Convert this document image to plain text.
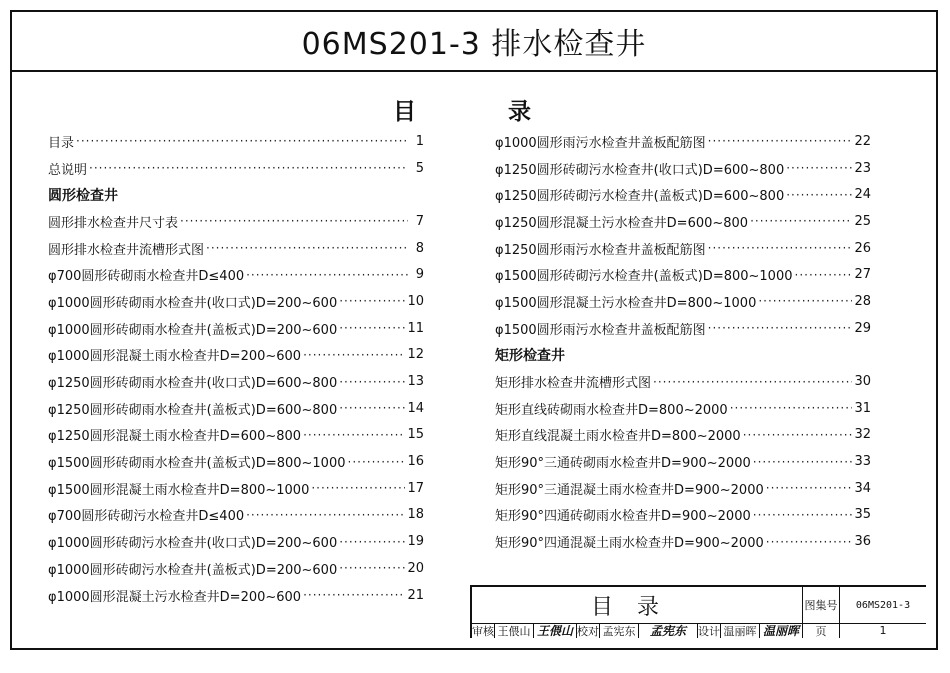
06MS201-3 排水检查井
目	录
目录 ·····	1
总说明 ·····	5
圆形检查井
圆形排水检查井尺寸表 ·····	7
圆形排水检查井流槽形式图 ·····	8
φ700圆形砖砌雨水检查井D≤400 ·····	9
φ1000圆形砖砌雨水检查井(收口式)D=200~600 ·····	10
φ1000圆形砖砌雨水检查井(盖板式)D=200~600 ·····	11
φ1000圆形混凝土雨水检查井D=200~600 ·····	12
φ1250圆形砖砌雨水检查井(收口式)D=600~800 ·····	13
φ1250圆形砖砌雨水检查井(盖板式)D=600~800 ·····	14
φ1250圆形混凝土雨水检查井D=600~800 ·····	15
φ1500圆形砖砌雨水检查井(盖板式)D=800~1000 ·····	16
φ1500圆形混凝土雨水检查井D=800~1000 ·····	17
φ700圆形砖砌污水检查井D≤400 ·····	18
φ1000圆形砖砌污水检查井(收口式)D=200~600 ·····	19
φ1000圆形砖砌污水检查井(盖板式)D=200~600 ·····	20
φ1000圆形混凝土污水检查井D=200~600 ·····	21
φ1000圆形雨污水检查井盖板配筋图 ·····	22
φ1250圆形砖砌污水检查井(收口式)D=600~800 ·····	23
φ1250圆形砖砌污水检查井(盖板式)D=600~800 ·····	24
φ1250圆形混凝土污水检查井D=600~800 ·····	25
φ1250圆形雨污水检查井盖板配筋图 ·····	26
φ1500圆形砖砌污水检查井(盖板式)D=800~1000 ·····	27
φ1500圆形混凝土污水检查井D=800~1000 ·····	28
φ1500圆形雨污水检查井盖板配筋图 ·····	29
矩形检查井
矩形排水检查井流槽形式图 ·····	30
矩形直线砖砌雨水检查井D=800~2000 ·····	31
矩形直线混凝土雨水检查井D=800~2000 ·····	32
矩形90°三通砖砌雨水检查井D=900~2000 ·····	33
矩形90°三通混凝土雨水检查井D=900~2000 ·····	34
矩形90°四通砖砌雨水检查井D=900~2000 ·····	35
矩形90°四通混凝土雨水检查井D=900~2000 ·····	36
目录	图集号	06MS201-3
审核 王偎山 王偎山 校对 孟宪东	孟宪东	设计 温丽晖 温丽晖	页	1
